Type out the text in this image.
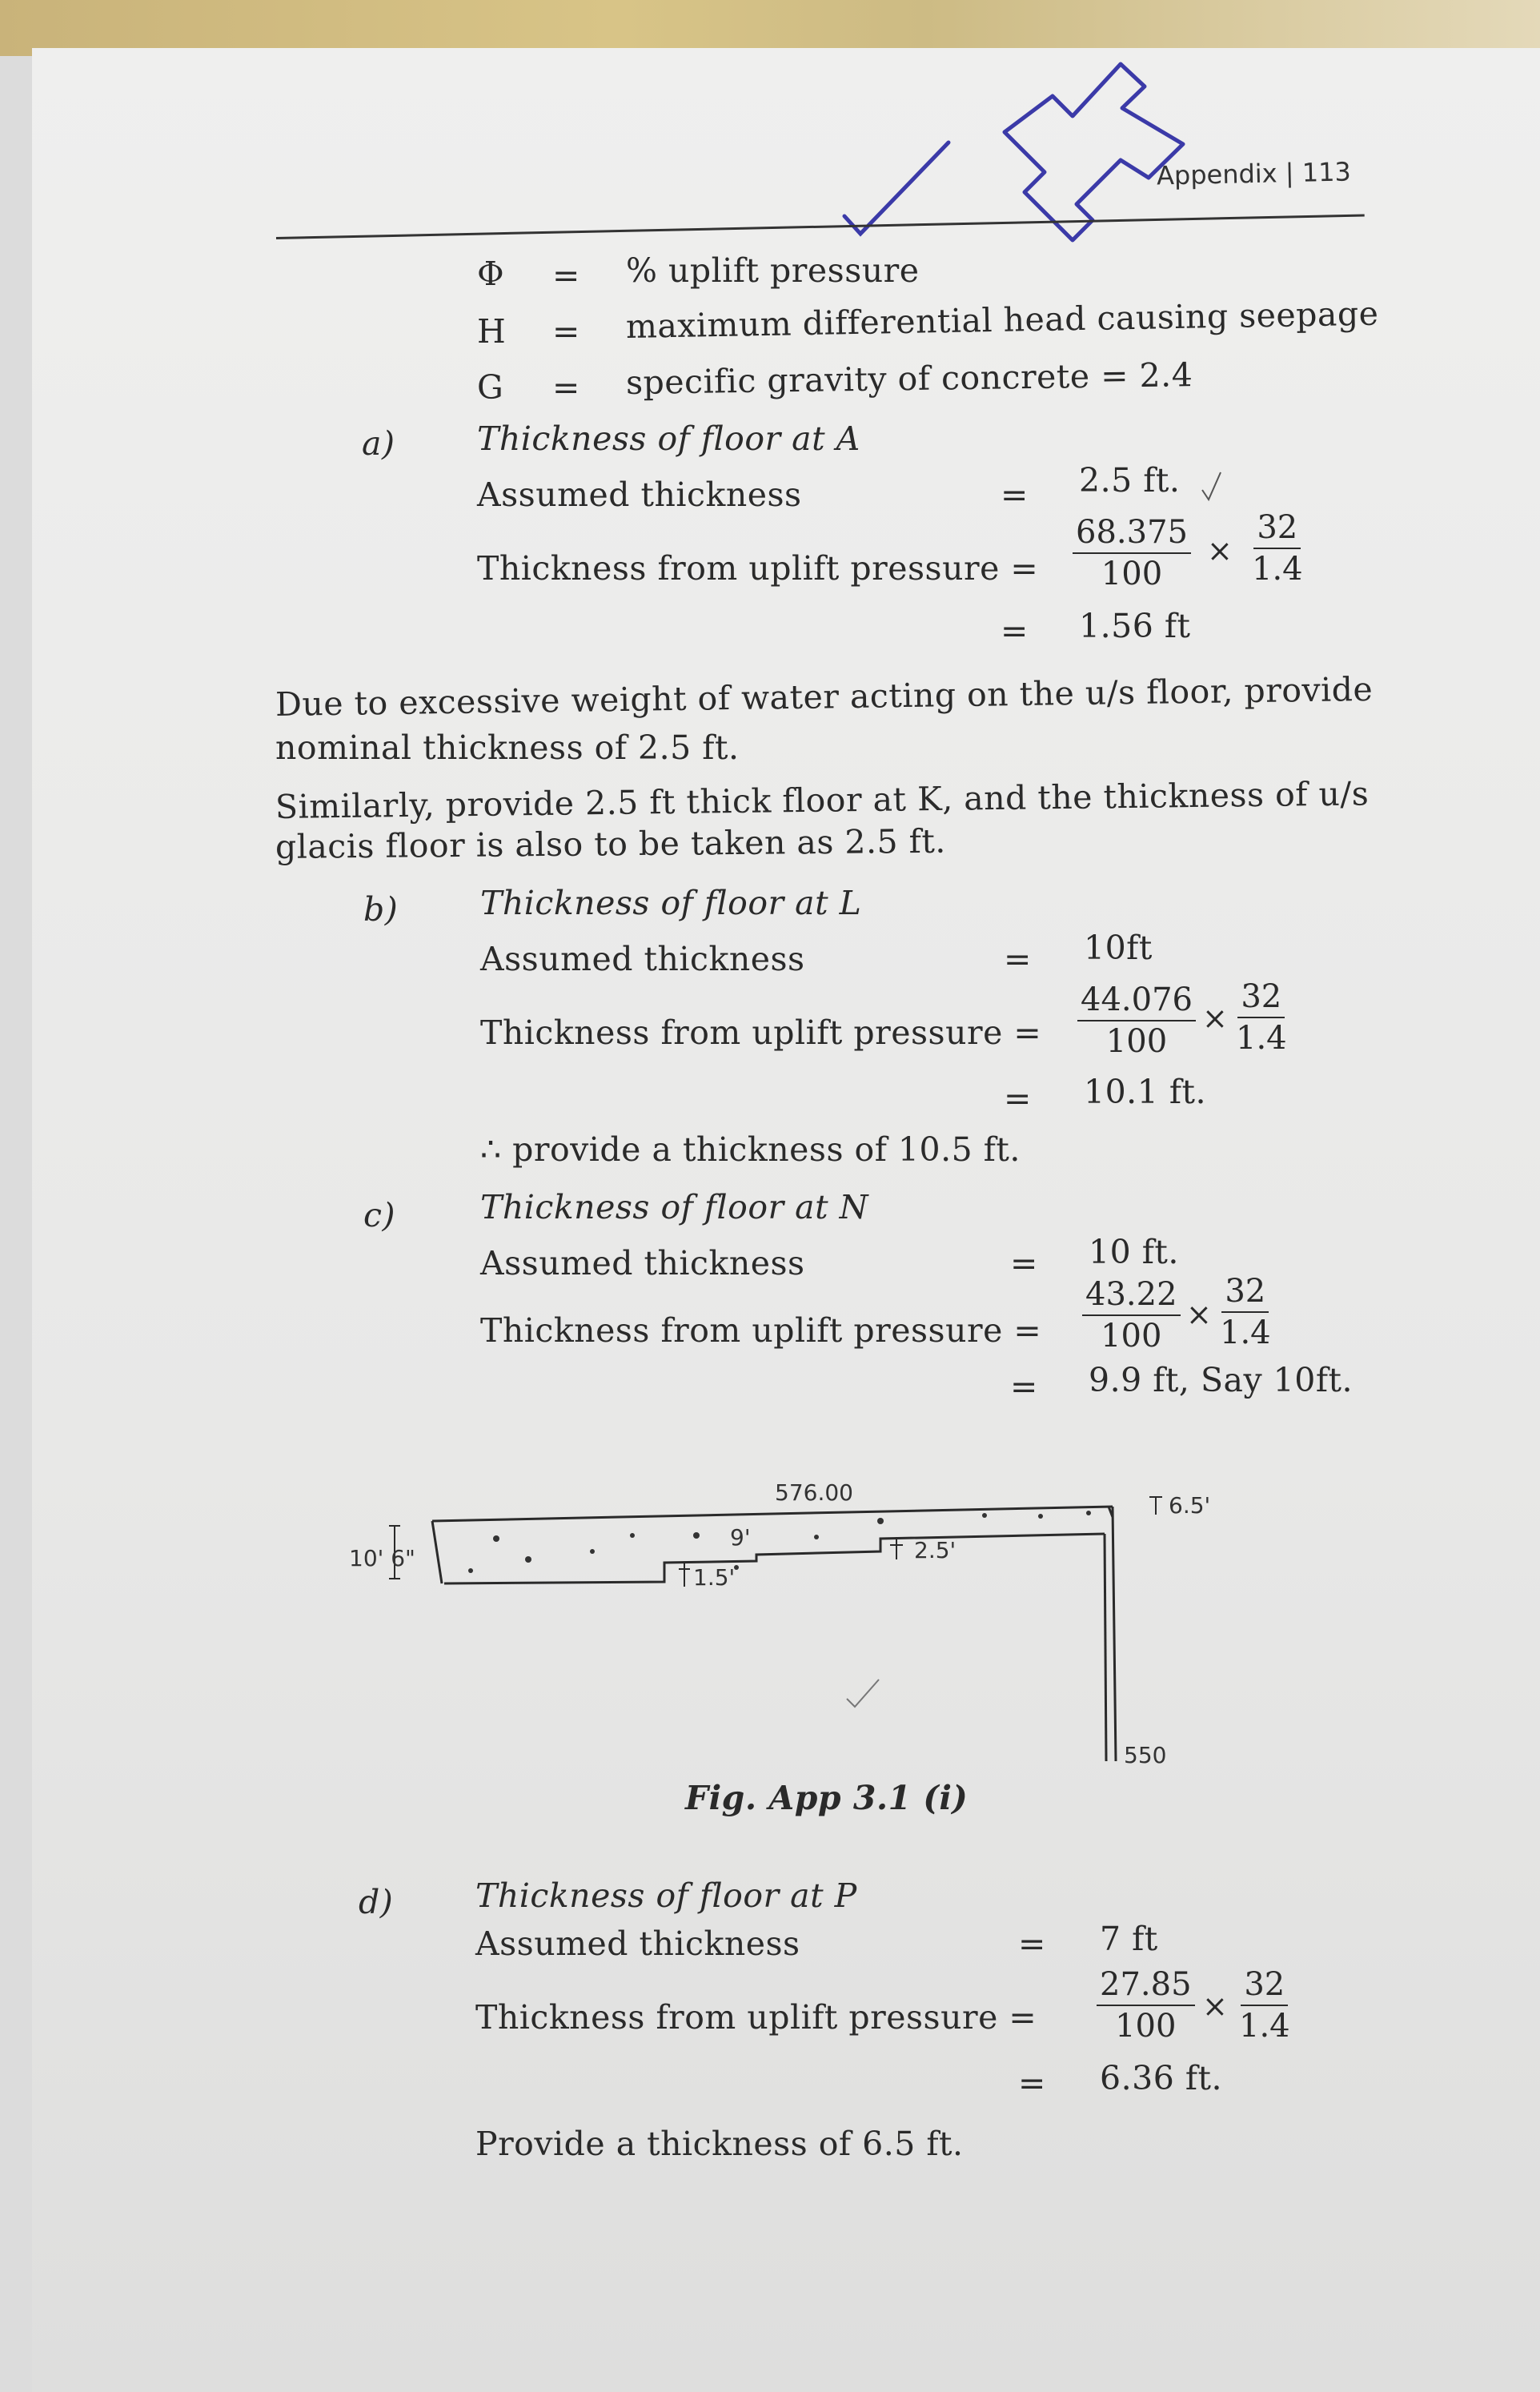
Appendix | 113
Φ = % uplift pressure
H = maximum differential head causing seepage
G = specific gravity of concrete = 2.4
a)	Thickness of floor at A
Assumed thickness	= 2.5 ft.
Thickness from uplift pressure = $\frac{68.375}{100} \times \frac{32}{1.4}$
= 1.56 ft
Due to excessive weight of water acting on the u/s floor, provide
nominal thickness of 2.5 ft.
Similarly, provide 2.5 ft thick floor at K, and the thickness of u/s
glacis floor is also to be taken as 2.5 ft.
b)	Thickness of floor at L
Assumed thickness	= 10ft
Thickness from uplift pressure = $\frac{44.076}{100} \times \frac{32}{1.4}$
= 10.1 ft.
∴ provide a thickness of 10.5 ft.
c)	Thickness of floor at N
Assumed thickness	= 10 ft.
Thickness from uplift pressure = $\frac{43.22}{100} \times \frac{32}{1.4}$
= 9.9 ft, Say 10ft.
576.00
10' 6"
1.5'
9'	2.5'
6.5'
550
Fig. App 3.1 (i)
d)	Thickness of floor at P
Assumed thickness	= 7 ft
Thickness from uplift pressure = $\frac{27.85}{100} \times \frac{32}{1.4}$
= 6.36 ft.
Provide a thickness of 6.5 ft.
